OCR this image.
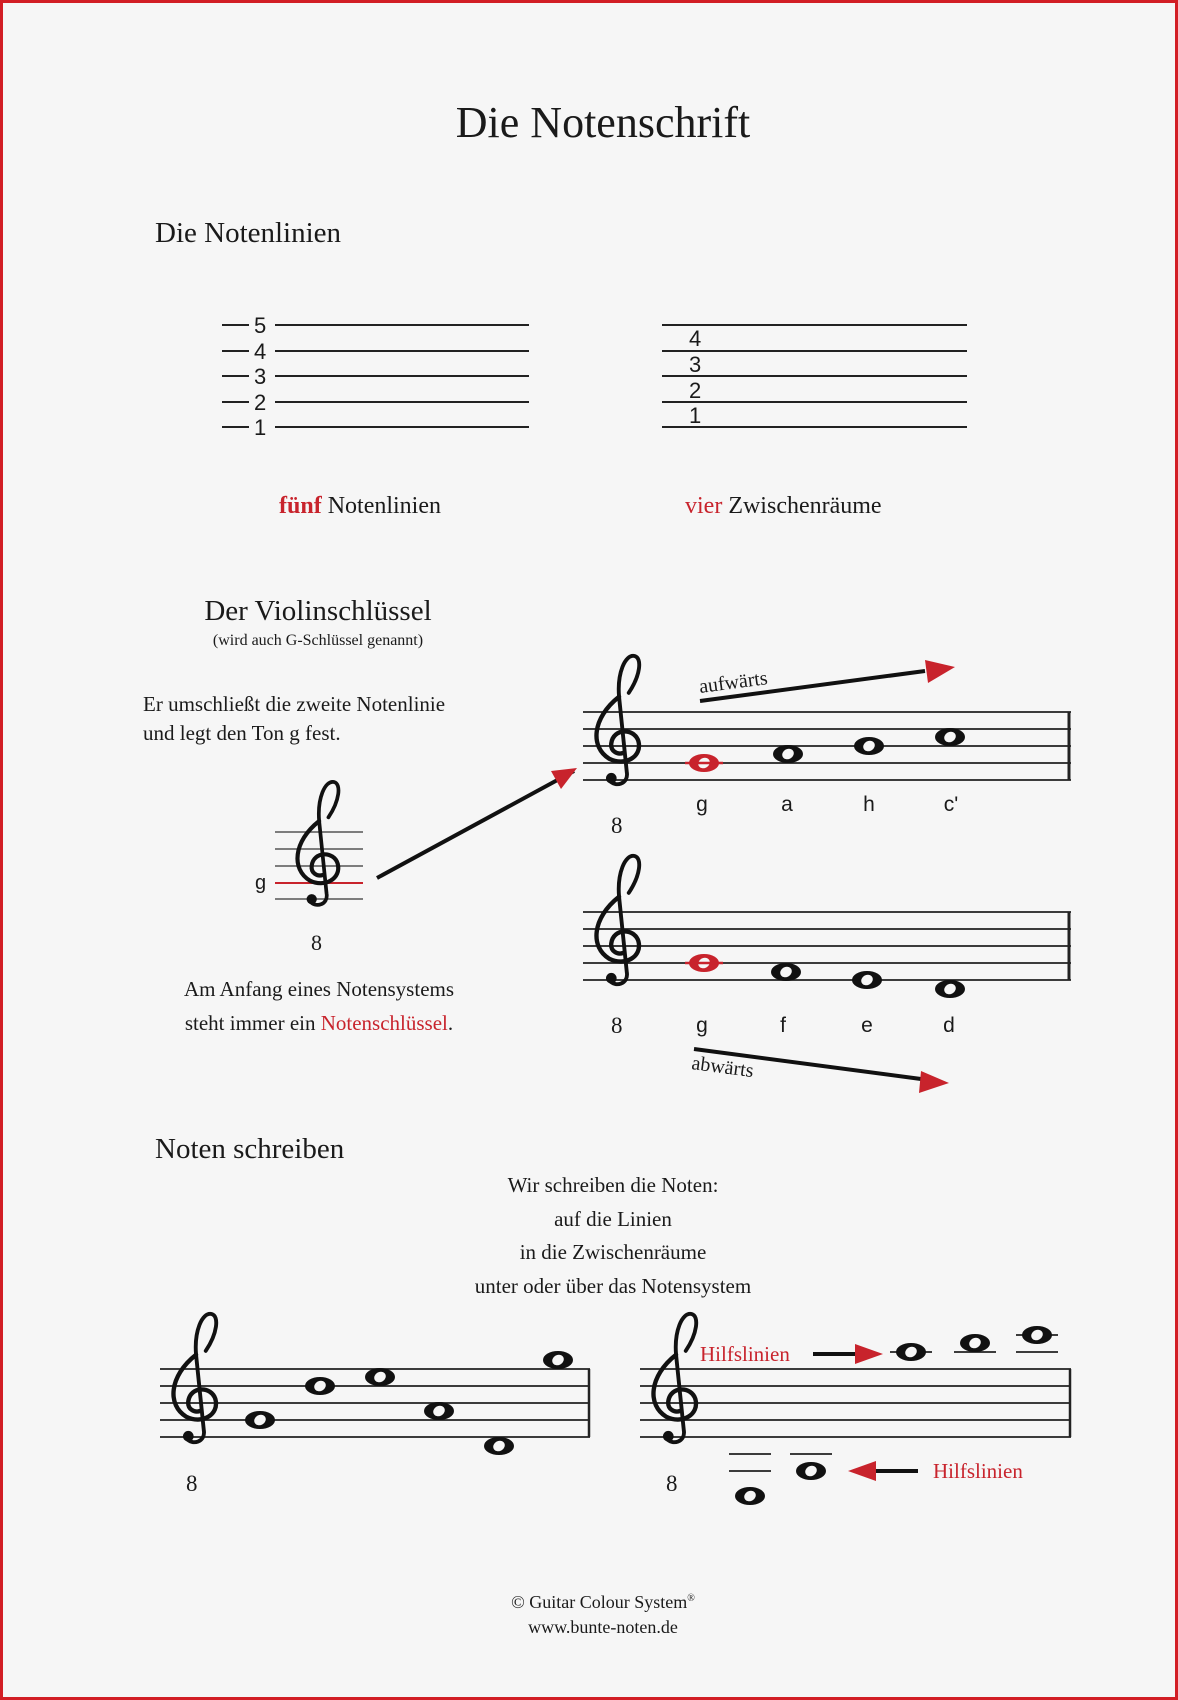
Die Notenschrift
Die Notenlinien
5
4
3
2
1
4
3
2
1
g
8
8
g	a	h	c'
aufwärts
8	g	f	e	d
abwärts
8	8
Hilfslinien
Hilfslinien
fünf Notenlinien	vier Zwischenräume
Der Violinschlüssel
(wird auch G-Schlüssel genannt)
Er umschließt die zweite Notenlinie
und legt den Ton g fest.
Am Anfang eines Notensystems
steht immer ein Notenschlüssel.
Noten schreiben
Wir schreiben die Noten:
auf die Linien
in die Zwischenräume
unter oder über das Notensystem
© Guitar Colour System®
www.bunte-noten.de
